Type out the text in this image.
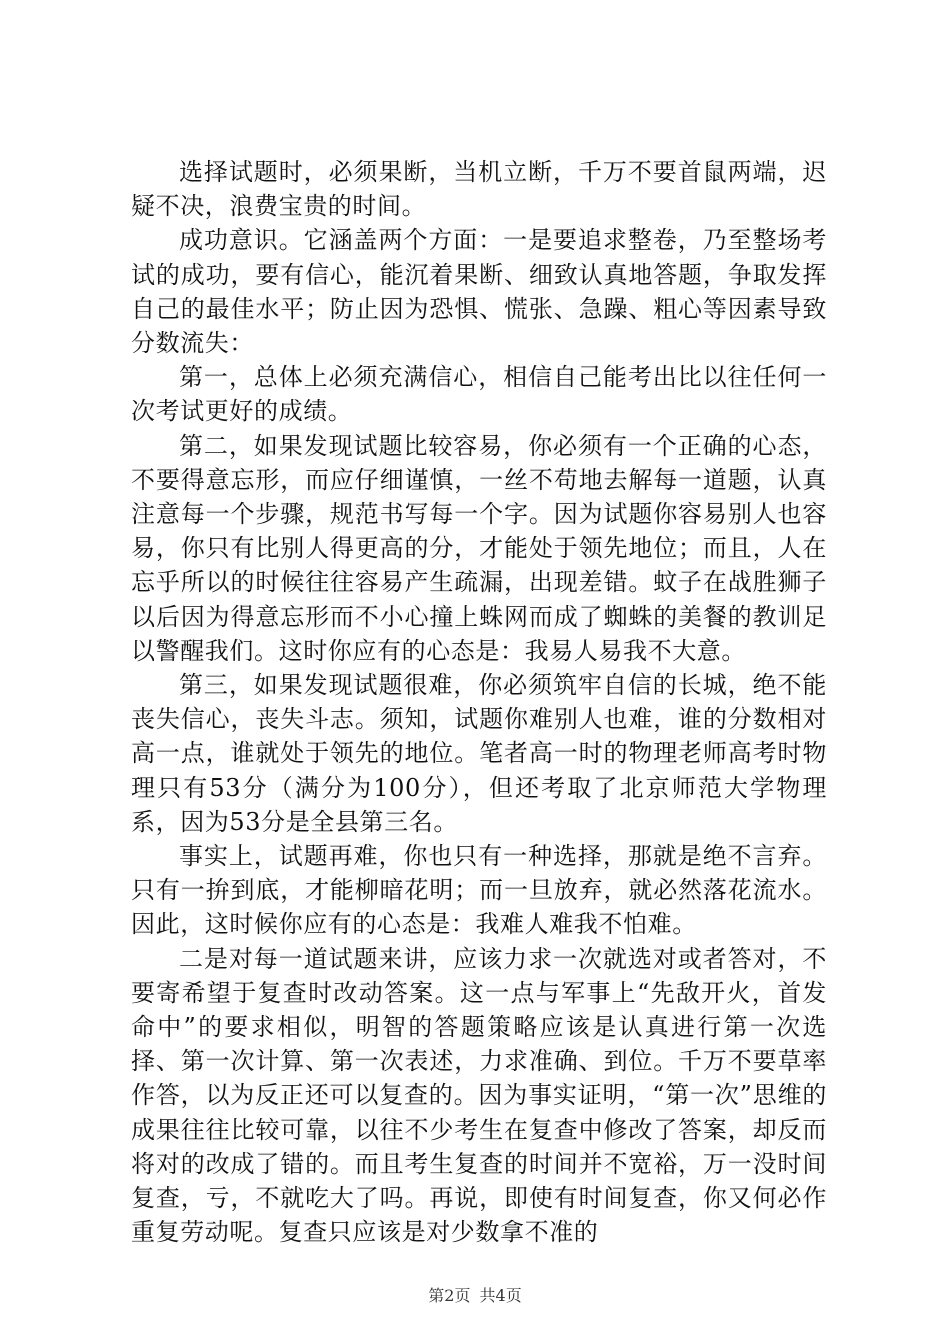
选择试题时，必须果断，当机立断，千万不要首鼠两端，迟疑不决，浪费宝贵的时间。

成功意识。它涵盖两个方面：一是要追求整卷，乃至整场考试的成功，要有信心，能沉着果断、细致认真地答题，争取发挥自己的最佳水平；防止因为恐惧、慌张、急躁、粗心等因素导致分数流失：

第一，总体上必须充满信心，相信自己能考出比以往任何一次考试更好的成绩。

第二，如果发现试题比较容易，你必须有一个正确的心态，不要得意忘形，而应仔细谨慎，一丝不苟地去解每一道题，认真注意每一个步骤，规范书写每一个字。因为试题你容易别人也容易，你只有比别人得更高的分，才能处于领先地位；而且，人在忘乎所以的时候往往容易产生疏漏，出现差错。蚊子在战胜狮子以后因为得意忘形而不小心撞上蛛网而成了蜘蛛的美餐的教训足以警醒我们。这时你应有的心态是：我易人易我不大意。

第三，如果发现试题很难，你必须筑牢自信的长城，绝不能丧失信心，丧失斗志。须知，试题你难别人也难，谁的分数相对高一点，谁就处于领先的地位。笔者高一时的物理老师高考时物理只有53分（满分为100分），但还考取了北京师范大学物理系，因为53分是全县第三名。

事实上，试题再难，你也只有一种选择，那就是绝不言弃。只有一拚到底，才能柳暗花明；而一旦放弃，就必然落花流水。因此，这时候你应有的心态是：我难人难我不怕难。

二是对每一道试题来讲，应该力求一次就选对或者答对，不要寄希望于复查时改动答案。这一点与军事上“先敌开火，首发命中”的要求相似，明智的答题策略应该是认真进行第一次选择、第一次计算、第一次表述，力求准确、到位。千万不要草率作答，以为反正还可以复查的。因为事实证明，“第一次”思维的成果往往比较可靠，以往不少考生在复查中修改了答案，却反而将对的改成了错的。而且考生复查的时间并不宽裕，万一没时间复查，亏，不就吃大了吗。再说，即使有时间复查，你又何必作重复劳动呢。复查只应该是对少数拿不准的

第2页 共4页
